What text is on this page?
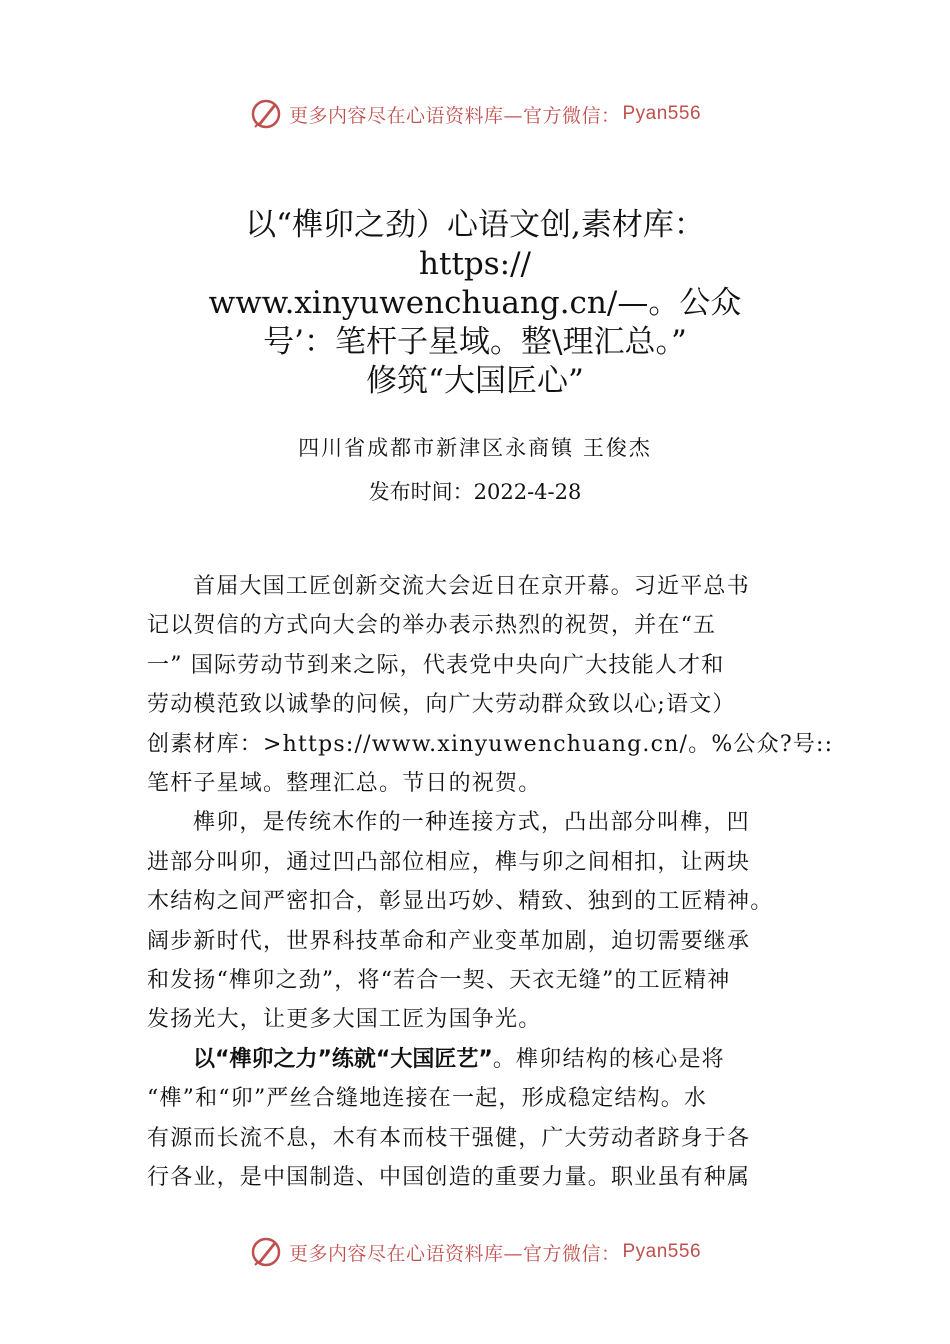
更多内容尽在心语资料库—官方微信： Pyan556
以“榫卯之劲）心语文创,素材库：
https://
www.xinyuwenchuang.cn/—。公众
号’：笔杆子星域。整\理汇总。”
修筑“大国匠心”
四川省成都市新津区永商镇 王俊杰
发布时间：2022-4-28
首届大国工匠创新交流大会近日在京开幕。习近平总书
记以贺信的方式向大会的举办表示热烈的祝贺，并在“五
一” 国际劳动节到来之际，代表党中央向广大技能人才和
劳动模范致以诚挚的问候，向广大劳动群众致以心;语文）
创素材库：>https://www.xinyuwenchuang.cn/。%公众?号::
笔杆子星域。整理汇总。节日的祝贺。
榫卯，是传统木作的一种连接方式，凸出部分叫榫，凹
进部分叫卯，通过凹凸部位相应，榫与卯之间相扣，让两块
木结构之间严密扣合，彰显出巧妙、精致、独到的工匠精神。
阔步新时代，世界科技革命和产业变革加剧，迫切需要继承
和发扬“榫卯之劲”，将“若合一契、天衣无缝”的工匠精神
发扬光大，让更多大国工匠为国争光。
以“榫卯之力”练就“大国匠艺”。榫卯结构的核心是将
“榫”和“卯”严丝合缝地连接在一起，形成稳定结构。水
有源而长流不息，木有本而枝干强健，广大劳动者跻身于各
行各业，是中国制造、中国创造的重要力量。职业虽有种属
更多内容尽在心语资料库—官方微信： Pyan556
